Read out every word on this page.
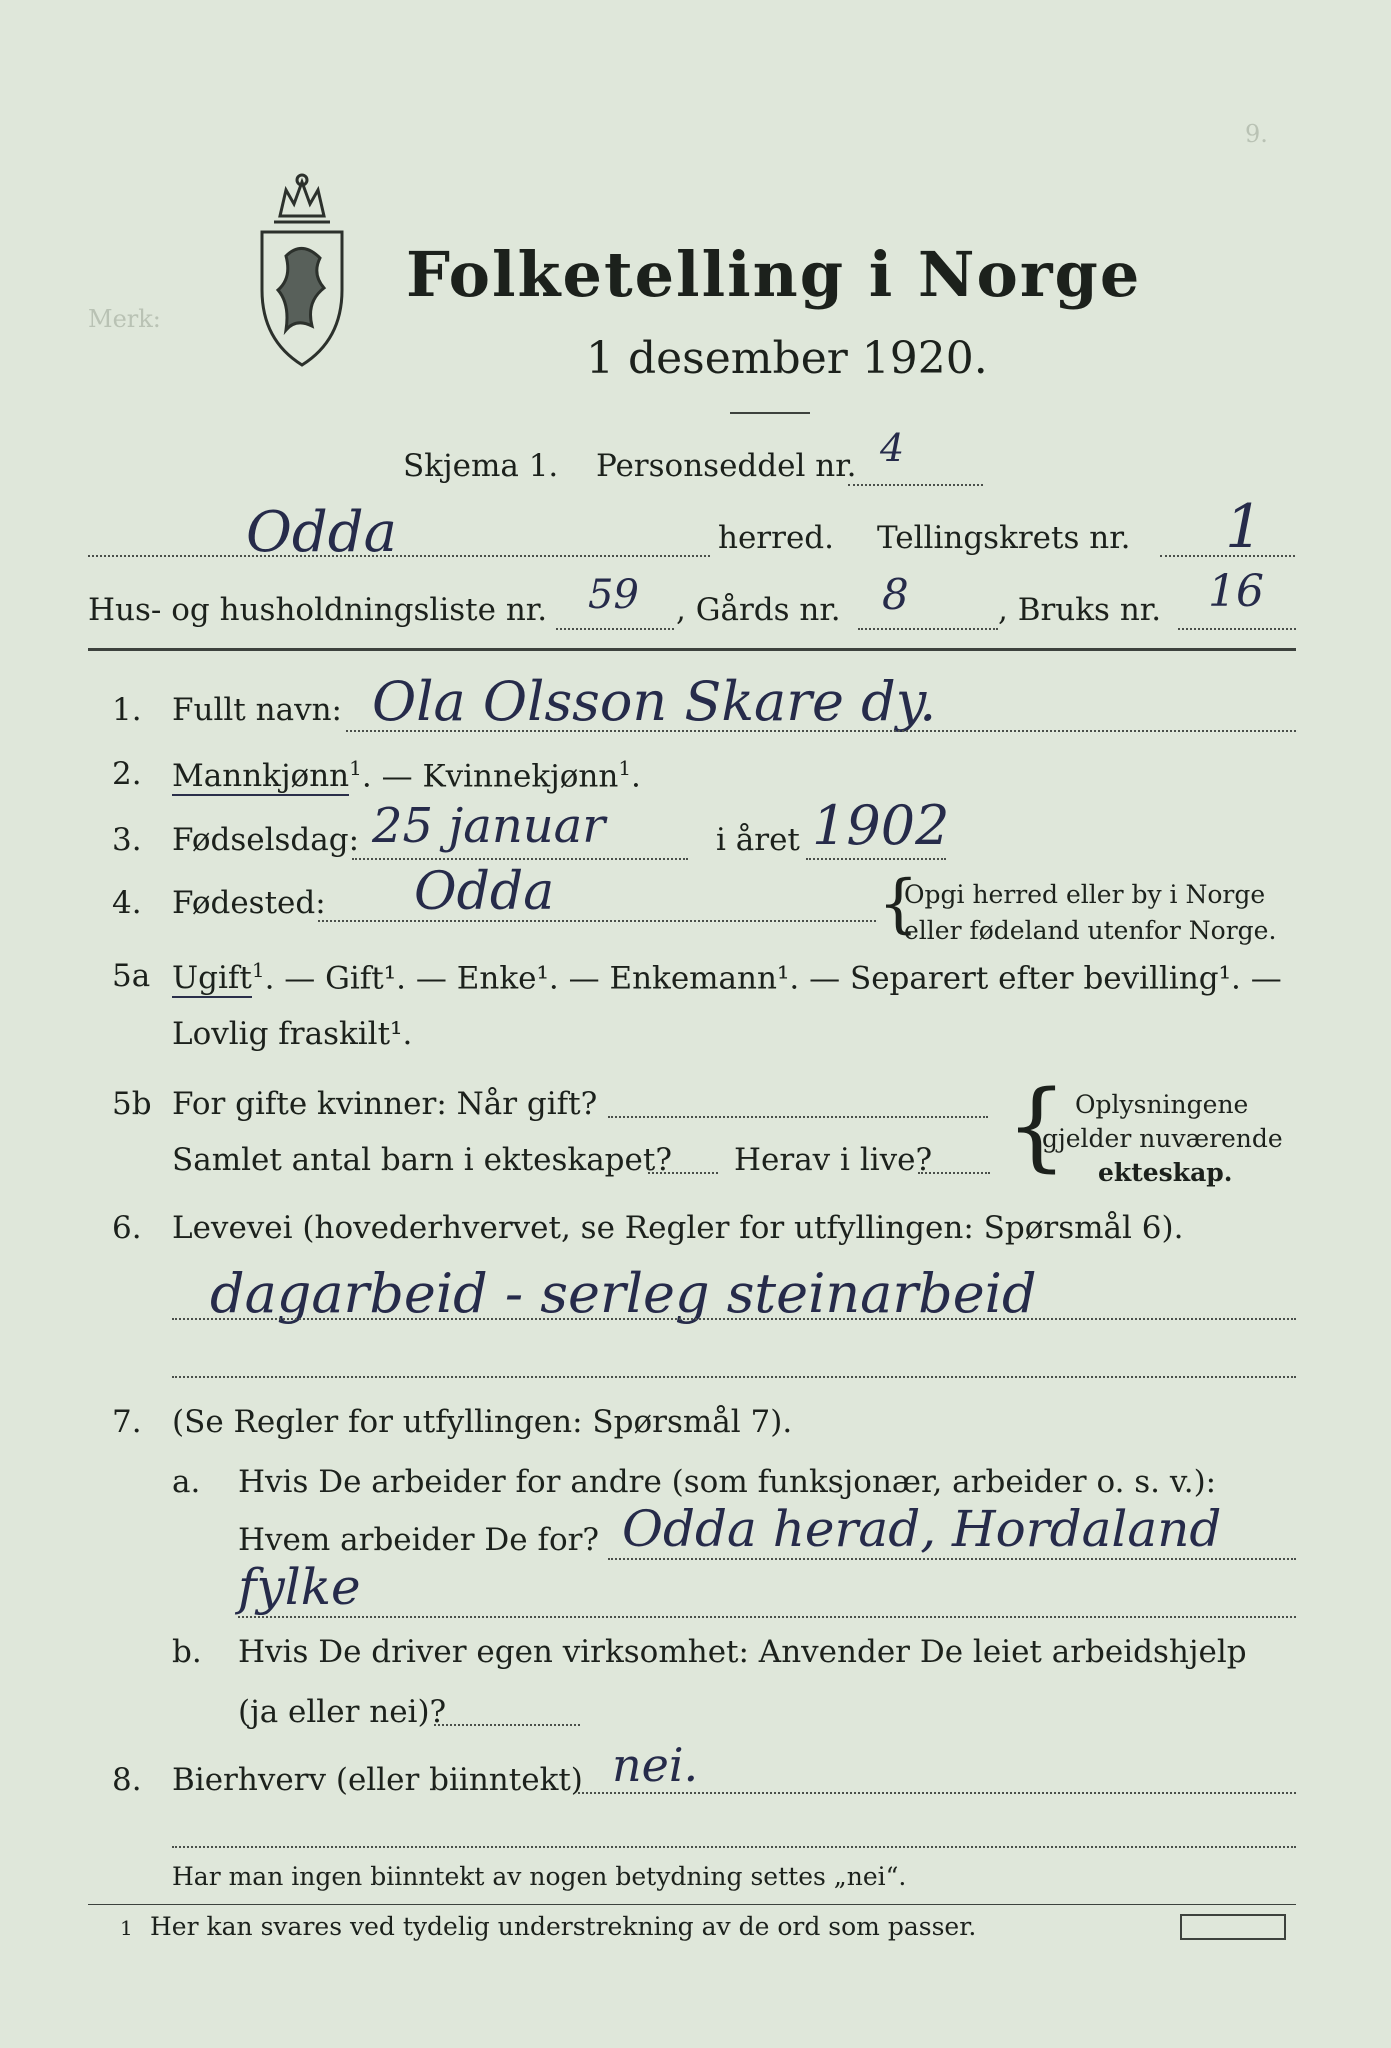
9.
Merk:
Folketelling i Norge
1 desember 1920.
Skjema 1. Personseddel nr. 4
Odda	herred. Tellingskrets nr. 1
Hus- og husholdningsliste nr. 59 , Gårds nr. 8	, Bruks nr. 16
1. Fullt navn: Ola Olsson Skare dy.
2. Mannkjønn$^1$. — Kvinnekjønn$^1$.
3. Fødselsdag: 25 januar	i året 1902
4. Fødested: Odda	{
Opgi herred eller by i Norge
eller fødeland utenfor Norge.
5a Ugift$^1$. — Gift¹. — Enke¹. — Enkemann¹. — Separert efter bevilling¹. —
Lovlig fraskilt¹.
5b For gifte kvinner: Når gift?
Samlet antal barn i ekteskapet? Herav i live? { Oplysningene
gjelder nuværende
ekteskap.
6. Levevei (hovederhvervet, se Regler for utfyllingen: Spørsmål 6).
dagarbeid - serleg steinarbeid
7. (Se Regler for utfyllingen: Spørsmål 7).
a. Hvis De arbeider for andre (som funksjonær, arbeider o. s. v.):
Hvem arbeider De for? Odda herad, Hordaland
fylke
b. Hvis De driver egen virksomhet: Anvender De leiet arbeidshjelp
(ja eller nei)?
8. Bierhverv (eller biinntekt) nei.
Har man ingen biinntekt av nogen betydning settes „nei“.
1 Her kan svares ved tydelig understrekning av de ord som passer.
